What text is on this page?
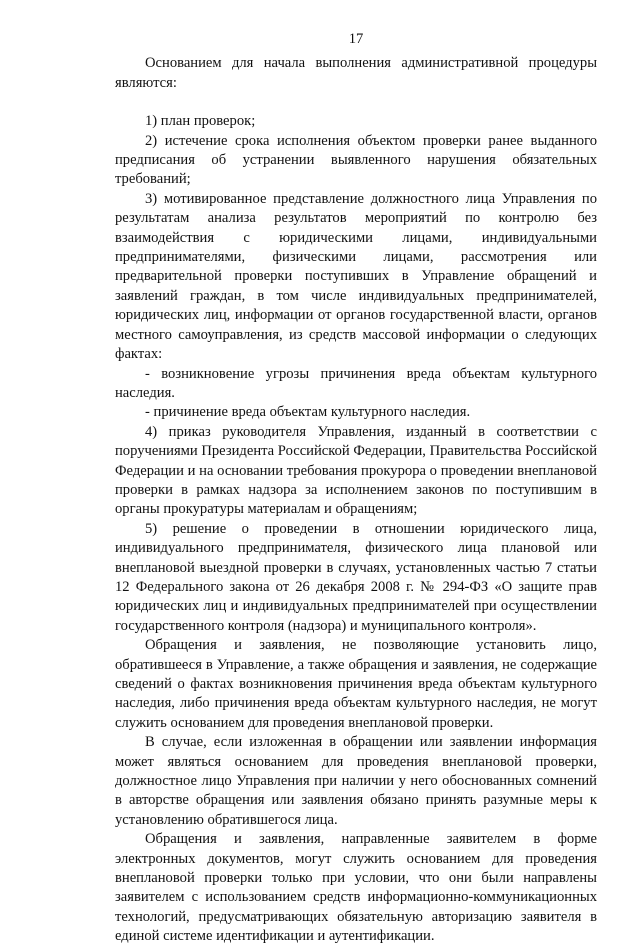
17

Основанием для начала выполнения административной процедуры являются:

1) план проверок;

2) истечение срока исполнения объектом проверки ранее выданного предписания об устранении выявленного нарушения обязательных требований;

3) мотивированное представление должностного лица Управления по результатам анализа результатов мероприятий по контролю без взаимодействия с юридическими лицами, индивидуальными предпринимателями, физическими лицами, рассмотрения или предварительной проверки поступивших в Управление обращений и заявлений граждан, в том числе индивидуальных предпринимателей, юридических лиц, информации от органов государственной власти, органов местного самоуправления, из средств массовой информации о следующих фактах:

- возникновение угрозы причинения вреда объектам культурного наследия.

- причинение вреда объектам культурного наследия.

4) приказ руководителя Управления, изданный в соответствии с поручениями Президента Российской Федерации, Правительства Российской Федерации и на основании требования прокурора о проведении внеплановой проверки в рамках надзора за исполнением законов по поступившим в органы прокуратуры материалам и обращениям;

5) решение о проведении в отношении юридического лица, индивидуального предпринимателя, физического лица плановой или внеплановой выездной проверки в случаях, установленных частью 7 статьи 12 Федерального закона от 26 декабря 2008 г. № 294-ФЗ «О защите прав юридических лиц и индивидуальных предпринимателей при осуществлении государственного контроля (надзора) и муниципального контроля».

Обращения и заявления, не позволяющие установить лицо, обратившееся в Управление, а также обращения и заявления, не содержащие сведений о фактах возникновения причинения вреда объектам культурного наследия, либо причинения вреда объектам культурного наследия, не могут служить основанием для проведения внеплановой проверки.

В случае, если изложенная в обращении или заявлении информация может являться основанием для проведения внеплановой проверки, должностное лицо Управления при наличии у него обоснованных сомнений в авторстве обращения или заявления обязано принять разумные меры к установлению обратившегося лица.

Обращения и заявления, направленные заявителем в форме электронных документов, могут служить основанием для проведения внеплановой проверки только при условии, что они были направлены заявителем с использованием средств информационно-коммуникационных технологий, предусматривающих обязательную авторизацию заявителя в единой системе идентификации и аутентификации.
